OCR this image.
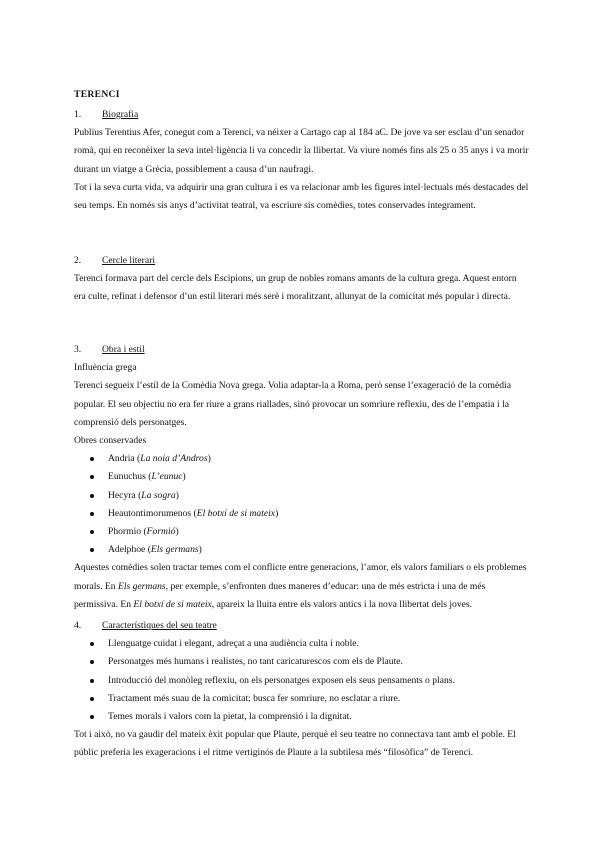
TERENCI
1. Biografia

Publius Terentius Afer, conegut com a Terenci, va néixer a Cartago cap al 184 aC. De jove va ser esclau d’un senador romà, qui en reconèixer la seva intel·ligència li va concedir la llibertat. Va viure només fins als 25 o 35 anys i va morir durant un viatge a Grècia, possiblement a causa d’un naufragi.

Tot i la seva curta vida, va adquirir una gran cultura i es va relacionar amb les figures intel·lectuals més destacades del seu temps. En només sis anys d’activitat teatral, va escriure sis comèdies, totes conservades íntegrament.

2. Cercle literari

Terenci formava part del cercle dels Escipions, un grup de nobles romans amants de la cultura grega. Aquest entorn era culte, refinat i defensor d’un estil literari més serè i moralitzant, allunyat de la comicitat més popular i directa.

3. Obra i estil

Influència grega

Terenci segueix l’estil de la Comèdia Nova grega. Volia adaptar-la a Roma, però sense l’exageració de la comèdia popular. El seu objectiu no era fer riure a grans riallades, sinó provocar un somriure reflexiu, des de l’empatia i la comprensió dels personatges.

Obres conservades

Andria (La noia d’Andros)
Eunuchus (L’eunuc)
Hecyra (La sogra)
Heautontimorumenos (El botxí de si mateix)
Phormio (Formió)
Adelphoe (Els germans)

Aquestes comèdies solen tractar temes com el conflicte entre generacions, l’amor, els valors familiars o els problemes morals. En Els germans, per exemple, s’enfronten dues maneres d’educar: una de més estricta i una de més permissiva. En El botxí de si mateix, apareix la lluita entre els valors antics i la nova llibertat dels joves.

4. Característiques del seu teatre
Llenguatge cuidat i elegant, adreçat a una audiència culta i noble.
Personatges més humans i realistes, no tant caricaturescos com els de Plaute.
Introducció del monòleg reflexiu, on els personatges exposen els seus pensaments o plans.
Tractament més suau de la comicitat: busca fer somriure, no esclatar a riure.
Temes morals i valors com la pietat, la comprensió i la dignitat.

Tot i això, no va gaudir del mateix èxit popular que Plaute, perquè el seu teatre no connectava tant amb el poble. El públic preferia les exageracions i el ritme vertiginós de Plaute a la subtilesa més “filosòfica” de Terenci.
